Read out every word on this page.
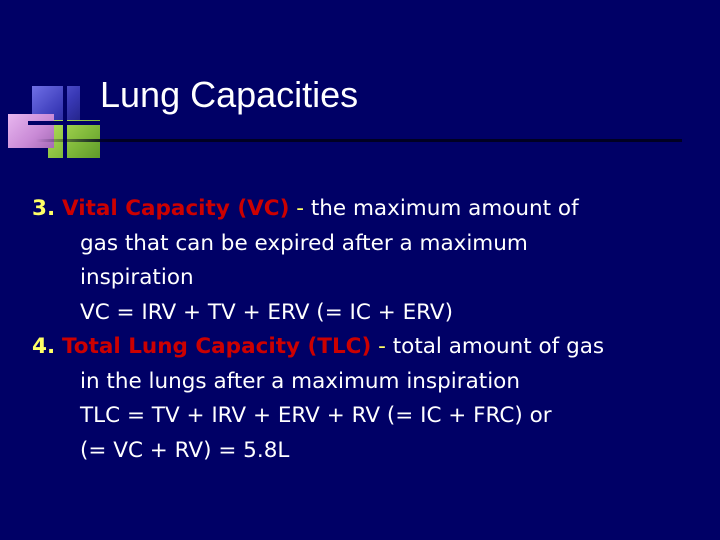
Lung Capacities
3. Vital Capacity (VC) - the maximum amount of
gas that can be expired after a maximum
inspiration
VC = IRV + TV + ERV (= IC + ERV)
4. Total Lung Capacity (TLC) - total amount of gas
in the lungs after a maximum inspiration
TLC = TV + IRV + ERV + RV (= IC + FRC) or
(= VC + RV) = 5.8L
